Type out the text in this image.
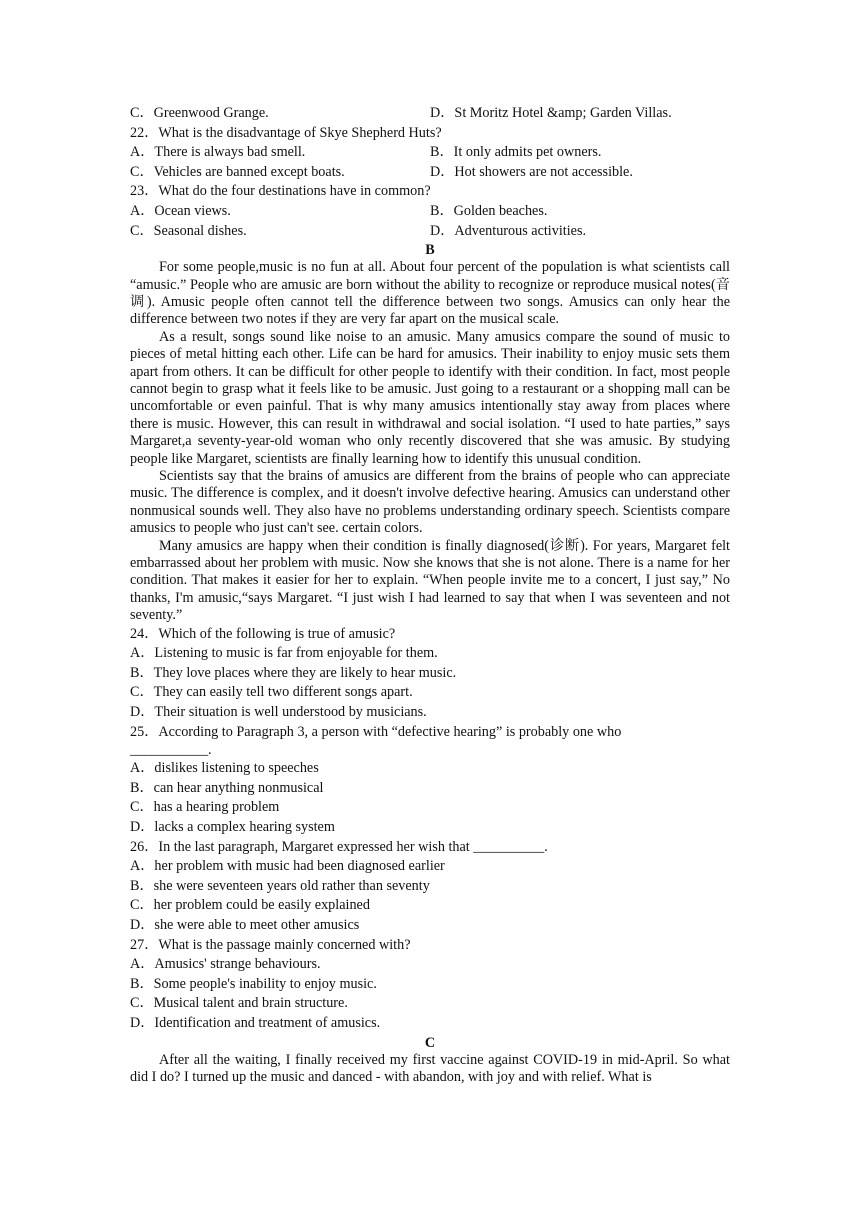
C．Greenwood Grange.	D．St Moritz Hotel &amp; Garden Villas.
22．What is the disadvantage of Skye Shepherd Huts?
A．There is always bad smell.	B．It only admits pet owners.
C．Vehicles are banned except boats.	D．Hot showers are not accessible.
23．What do the four destinations have in common?
A．Ocean views.	B．Golden beaches.
C．Seasonal dishes.	D．Adventurous activities.
B

For some people,music is no fun at all. About four percent of the population is what scientists call “amusic.” People who are amusic are born without the ability to recognize or reproduce musical notes(音调). Amusic people often cannot tell the difference between two songs. Amusics can only hear the difference between two notes if they are very far apart on the musical scale.

As a result, songs sound like noise to an amusic. Many amusics compare the sound of music to pieces of metal hitting each other. Life can be hard for amusics. Their inability to enjoy music sets them apart from others. It can be difficult for other people to identify with their condition. In fact, most people cannot begin to grasp what it feels like to be amusic. Just going to a restaurant or a shopping mall can be uncomfortable or even painful. That is why many amusics intentionally stay away from places where there is music. However, this can result in withdrawal and social isolation. “I used to hate parties,” says Margaret,a seventy-year-old woman who only recently discovered that she was amusic. By studying people like Margaret, scientists are finally learning how to identify this unusual condition.

Scientists say that the brains of amusics are different from the brains of people who can appreciate music. The difference is complex, and it doesn't involve defective hearing. Amusics can understand other nonmusical sounds well. They also have no problems understanding ordinary speech. Scientists compare amusics to people who just can't see. certain colors.

Many amusics are happy when their condition is finally diagnosed(诊断). For years, Margaret felt embarrassed about her problem with music. Now she knows that she is not alone. There is a name for her condition. That makes it easier for her to explain. “When people invite me to a concert, I just say,” No thanks, I'm amusic,“says Margaret. “I just wish I had learned to say that when I was seventeen and not seventy.”

24．Which of the following is true of amusic?
A．Listening to music is far from enjoyable for them.
B．They love places where they are likely to hear music.
C．They can easily tell two different songs apart.
D．Their situation is well understood by musicians.
25．According to Paragraph 3, a person with “defective hearing” is probably one who
___________.
A．dislikes listening to speeches
B．can hear anything nonmusical
C．has a hearing problem
D．lacks a complex hearing system
26．In the last paragraph, Margaret expressed her wish that __________.
A．her problem with music had been diagnosed earlier
B．she were seventeen years old rather than seventy
C．her problem could be easily explained
D．she were able to meet other amusics
27．What is the passage mainly concerned with?
A．Amusics' strange behaviours.
B．Some people's inability to enjoy music.
C．Musical talent and brain structure.
D．Identification and treatment of amusics.
C

After all the waiting, I finally received my first vaccine against COVID-19 in mid-April. So what did I do? I turned up the music and danced - with abandon, with joy and with relief. What is
